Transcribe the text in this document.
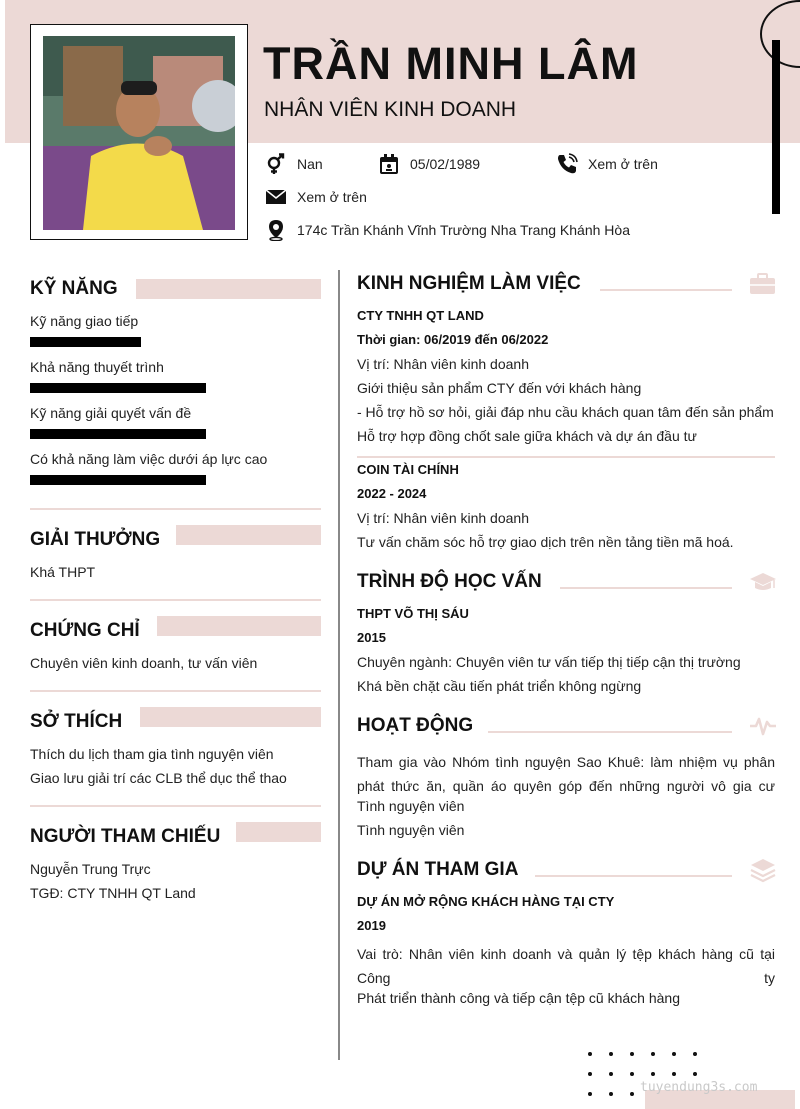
TRẦN MINH LÂM
NHÂN VIÊN KINH DOANH
Nan	05/02/1989	Xem ở trên
Xem ở trên
174c Trần Khánh Vĩnh Trường Nha Trang Khánh Hòa
KỸ NĂNG
Kỹ năng giao tiếp
Khả năng thuyết trình
Kỹ năng giải quyết vấn đề
Có khả năng làm việc dưới áp lực cao
GIẢI THƯỞNG
Khá THPT
CHỨNG CHỈ
Chuyên viên kinh doanh, tư vấn viên
SỞ THÍCH
Thích du lịch tham gia tình nguyện viên
Giao lưu giải trí các CLB thể dục thể thao
NGƯỜI THAM CHIẾU
Nguyễn Trung Trực
TGĐ: CTY TNHH QT Land
KINH NGHIỆM LÀM VIỆC
CTY TNHH QT LAND
Thời gian: 06/2019 đến 06/2022
Vị trí: Nhân viên kinh doanh
Giới thiệu sản phẩm CTY đến với khách hàng
- Hỗ trợ hồ sơ hỏi, giải đáp nhu cầu khách quan tâm đến sản phẩm
Hỗ trợ hợp đồng chốt sale giữa khách và dự án đầu tư
COIN TÀI CHÍNH
2022 - 2024
Vị trí: Nhân viên kinh doanh
Tư vấn chăm sóc hỗ trợ giao dịch trên nền tảng tiền mã hoá.
TRÌNH ĐỘ HỌC VẤN
THPT VÕ THỊ SÁU
2015
Chuyên ngành: Chuyên viên tư vấn tiếp thị tiếp cận thị trường
Khá bền chặt cầu tiến phát triển không ngừng
HOẠT ĐỘNG
Tham gia vào Nhóm tình nguyện Sao Khuê: làm nhiệm vụ phân phát thức ăn, quần áo quyên góp đến những người vô gia cư
Tình nguyện viên
Tình nguyện viên
DỰ ÁN THAM GIA
DỰ ÁN MỞ RỘNG KHÁCH HÀNG TẠI CTY
2019
Vai trò: Nhân viên kinh doanh và quản lý tệp khách hàng cũ tại Công ty
Phát triển thành công và tiếp cận tệp cũ khách hàng
tuyendung3s.com
